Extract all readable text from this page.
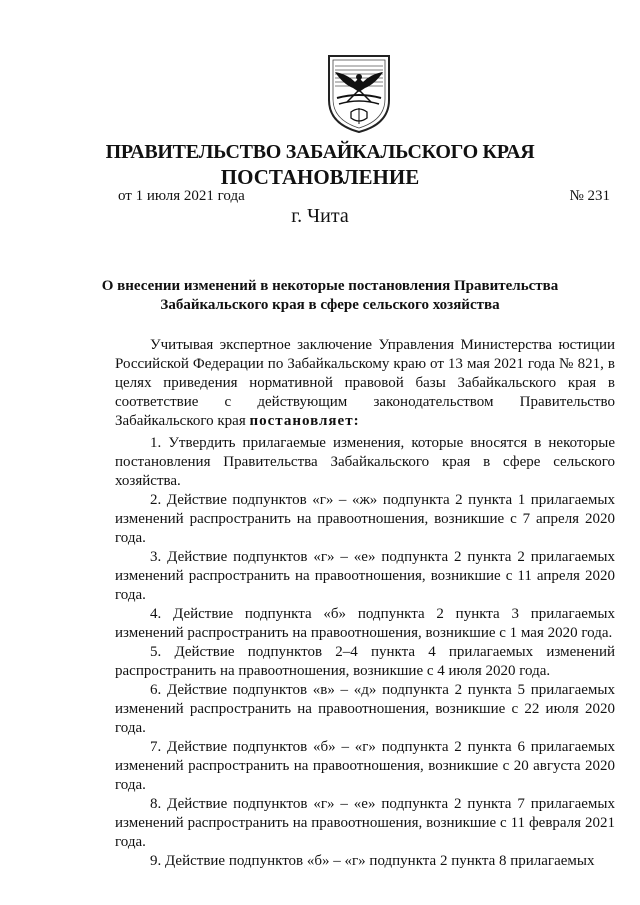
ПРАВИТЕЛЬСТВО ЗАБАЙКАЛЬСКОГО КРАЯ
ПОСТАНОВЛЕНИЕ
от 1 июля 2021 года	№ 231
г. Чита

О внесении изменений в некоторые постановления Правительства Забайкальского края в сфере сельского хозяйства

Учитывая экспертное заключение Управления Министерства юстиции Российской Федерации по Забайкальскому краю от 13 мая 2021 года № 821, в целях приведения нормативной правовой базы Забайкальского края в соответствие с действующим законодательством Правительство Забайкальского края постановляет:

1. Утвердить прилагаемые изменения, которые вносятся в некоторые постановления Правительства Забайкальского края в сфере сельского хозяйства.

2. Действие подпунктов «г» – «ж» подпункта 2 пункта 1 прилагаемых изменений распространить на правоотношения, возникшие с 7 апреля 2020 года.

3. Действие подпунктов «г» – «е» подпункта 2 пункта 2 прилагаемых изменений распространить на правоотношения, возникшие с 11 апреля 2020 года.

4. Действие подпункта «б» подпункта 2 пункта 3 прилагаемых изменений распространить на правоотношения, возникшие с 1 мая 2020 года.

5. Действие подпунктов 2–4 пункта 4 прилагаемых изменений распространить на правоотношения, возникшие с 4 июля 2020 года.

6. Действие подпунктов «в» – «д» подпункта 2 пункта 5 прилагаемых изменений распространить на правоотношения, возникшие с 22 июля 2020 года.

7. Действие подпунктов «б» – «г» подпункта 2 пункта 6 прилагаемых изменений распространить на правоотношения, возникшие с 20 августа 2020 года.

8. Действие подпунктов «г» – «е» подпункта 2 пункта 7 прилагаемых изменений распространить на правоотношения, возникшие с 11 февраля 2021 года.

9. Действие подпунктов «б» – «г» подпункта 2 пункта 8 прилагаемых
